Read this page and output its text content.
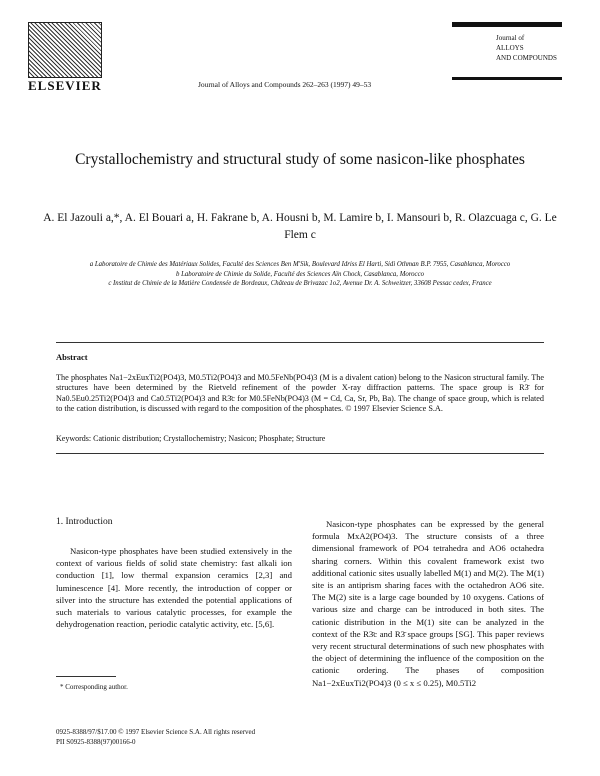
ELSEVIER	Journal of Alloys and Compounds 262–263 (1997) 49–53
Journal of
ALLOYS
AND COMPOUNDS
Crystallochemistry and structural study of some nasicon-like phosphates
A. El Jazouli a,*, A. El Bouari a, H. Fakrane b, A. Housni b, M. Lamire b, I. Mansouri b, R. Olazcuaga c, G. Le Flem c
a Laboratoire de Chimie des Matériaux Solides, Faculté des Sciences Ben M'Sik, Boulevard Idriss El Harti, Sidi Othman B.P. 7955, Casablanca, Morocco
b Laboratoire de Chimie du Solide, Faculté des Sciences Aïn Chock, Casablanca, Morocco
c Institut de Chimie de la Matière Condensée de Bordeaux, Château de Brivazac 1o2, Avenue Dr. A. Schweitzer, 33608 Pessac cedex, France
Abstract
The phosphates Na1−2xEuxTi2(PO4)3, M0.5Ti2(PO4)3 and M0.5FeNb(PO4)3 (M is a divalent cation) belong to the Nasicon structural family. The structures have been determined by the Rietveld refinement of the powder X-ray diffraction patterns. The space group is R3̄ for Na0.5Eu0.25Ti2(PO4)3 and Ca0.5Ti2(PO4)3 and R3̄c for M0.5FeNb(PO4)3 (M = Cd, Ca, Sr, Pb, Ba). The change of space group, which is related to the cation distribution, is discussed with regard to the composition of the phosphates. © 1997 Elsevier Science S.A.
Keywords: Cationic distribution; Crystallochemistry; Nasicon; Phosphate; Structure
1. Introduction

Nasicon-type phosphates have been studied extensively in the context of various fields of solid state chemistry: fast alkali ion conduction [1], low thermal expansion ceramics [2,3] and luminescence [4]. More recently, the introduction of copper or silver into the structure has extended the potential applications of such materials to various catalytic processes, for example the dehydrogenation reaction, periodic catalytic activity, etc. [5,6].

Nasicon-type phosphates can be expressed by the general formula MxA2(PO4)3. The structure consists of a three dimensional framework of PO4 tetrahedra and AO6 octahedra sharing corners. Within this covalent framework exist two additional cationic sites usually labelled M(1) and M(2). The M(1) site is an antiprism sharing faces with the octahedron AO6 site. The M(2) site is a large cage bounded by 10 oxygens. Cations of various size and charge can be introduced in both sites. The cationic distribution in the M(1) site can be analyzed in the context of the R3̄c and R3̄ space groups [SG]. This paper reviews very recent structural determinations of such new phosphates with the object of determining the influence of the composition on the cationic ordering. The phases of composition Na1−2xEuxTi2(PO4)3 (0 ≤ x ≤ 0.25), M0.5Ti2

* Corresponding author.
0925-8388/97/$17.00 © 1997 Elsevier Science S.A. All rights reserved
PII S0925-8388(97)00166-0
